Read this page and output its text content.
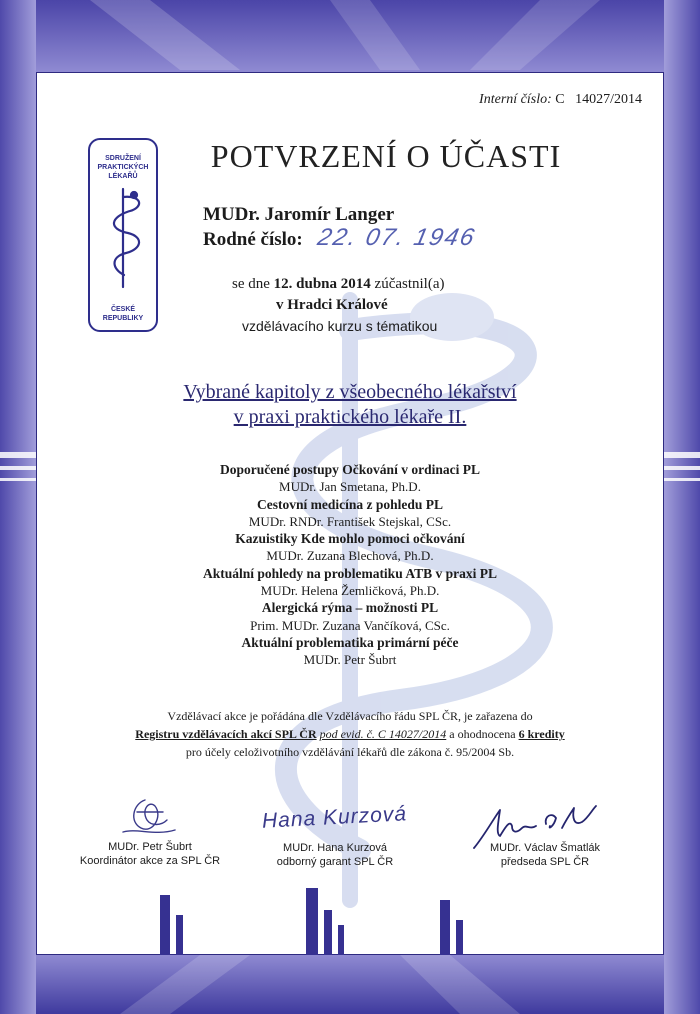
Interní číslo: C   14027/2014
SDRUŽENÍ
PRAKTICKÝCH LÉKAŘŮ
ČESKÉ REPUBLIKY
POTVRZENÍ O ÚČASTI
MUDr. Jaromír Langer
Rodné číslo: 22. 07. 1946
se dne 12. dubna 2014 zúčastnil(a)
v Hradci Králové
vzdělávacího kurzu s tématikou
Vybrané kapitoly z všeobecného lékařství
v praxi praktického lékaře II.
Doporučené postupy Očkování v ordinaci PL
MUDr. Jan Smetana, Ph.D.
Cestovní medicína z pohledu PL
MUDr. RNDr. František Stejskal, CSc.
Kazuistiky Kde mohlo pomoci očkování
MUDr. Zuzana Blechová, Ph.D.
Aktuální pohledy na problematiku ATB v praxi PL
MUDr. Helena Žemličková, Ph.D.
Alergická rýma – možnosti PL
Prim. MUDr. Zuzana Vančíková, CSc.
Aktuální problematika primární péče
MUDr. Petr Šubrt
Vzdělávací akce je pořádána dle Vzdělávacího řádu SPL ČR, je zařazena do
Registru vzdělávacích akcí SPL ČR pod evid. č. C 14027/2014 a ohodnocena 6 kredity
pro účely celoživotního vzdělávání lékařů dle zákona č. 95/2004 Sb.
MUDr. Petr Šubrt
Koordinátor akce za SPL ČR
Hana Kurzová
MUDr. Hana Kurzová
odborný garant SPL ČR
MUDr. Václav Šmatlák
předseda SPL ČR
